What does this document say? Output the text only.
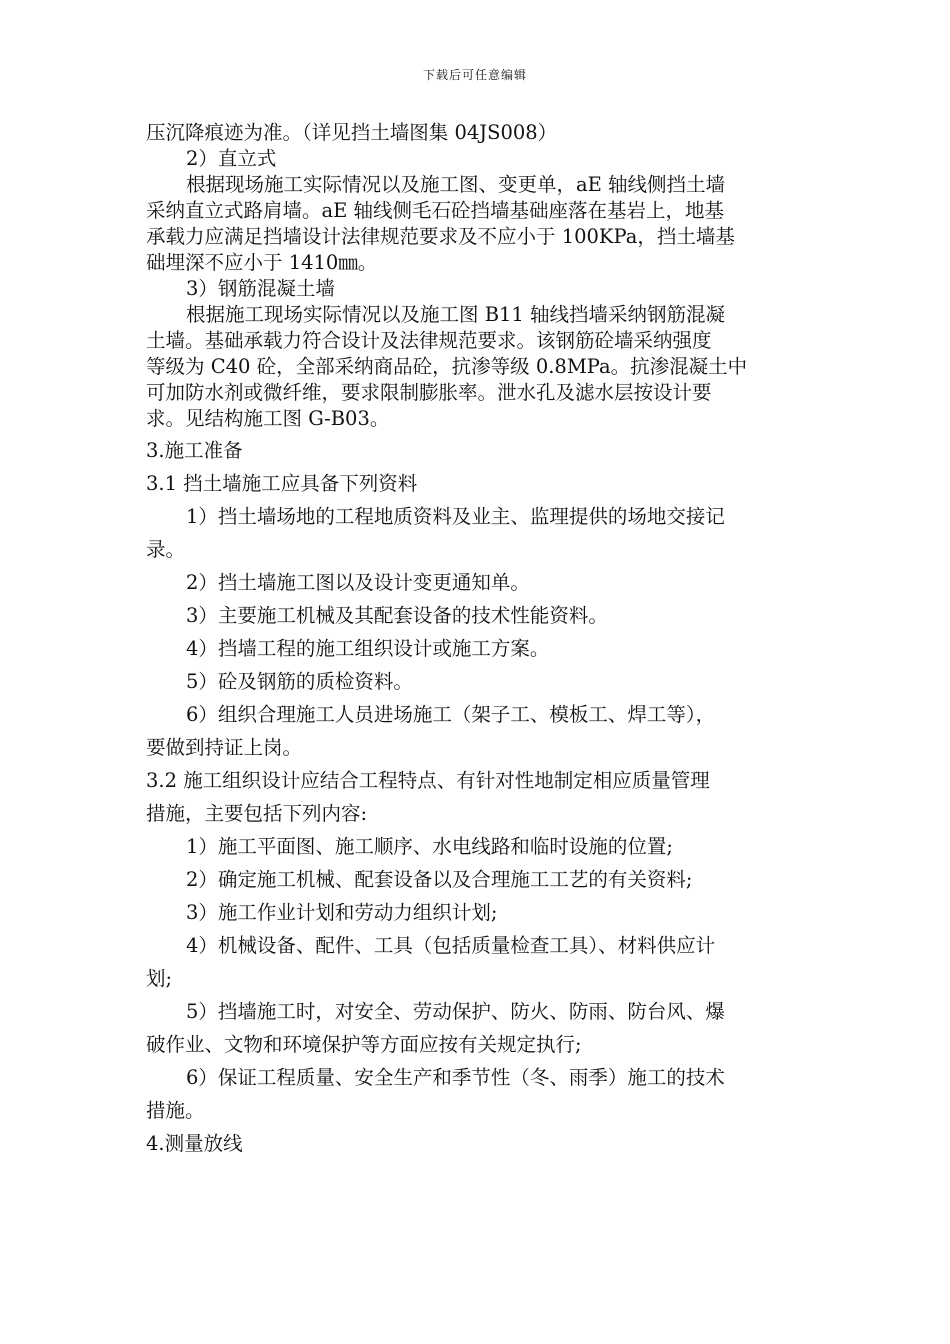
下载后可任意编辑

压沉降痕迹为准。（详见挡土墙图集 04JS008）

2）直立式

根据现场施工实际情况以及施工图、变更单，aE 轴线侧挡土墙

采纳直立式路肩墙。aE 轴线侧毛石砼挡墙基础座落在基岩上，地基

承载力应满足挡墙设计法律规范要求及不应小于 100KPa，挡土墙基

础埋深不应小于 1410㎜。

3）钢筋混凝土墙

根据施工现场实际情况以及施工图 B11 轴线挡墙采纳钢筋混凝

土墙。基础承载力符合设计及法律规范要求。该钢筋砼墙采纳强度

等级为 C40 砼，全部采纳商品砼，抗渗等级 0.8MPa。抗渗混凝土中

可加防水剂或微纤维，要求限制膨胀率。泄水孔及滤水层按设计要

求。见结构施工图 G-B03。

3.施工准备

3.1 挡土墙施工应具备下列资料

1）挡土墙场地的工程地质资料及业主、监理提供的场地交接记

录。

2）挡土墙施工图以及设计变更通知单。

3）主要施工机械及其配套设备的技术性能资料。

4）挡墙工程的施工组织设计或施工方案。

5）砼及钢筋的质检资料。

6）组织合理施工人员进场施工（架子工、模板工、焊工等），

要做到持证上岗。

3.2 施工组织设计应结合工程特点、有针对性地制定相应质量管理

措施，主要包括下列内容:

1）施工平面图、施工顺序、水电线路和临时设施的位置;

2）确定施工机械、配套设备以及合理施工工艺的有关资料;

3）施工作业计划和劳动力组织计划;

4）机械设备、配件、工具（包括质量检查工具）、材料供应计

划;

5）挡墙施工时，对安全、劳动保护、防火、防雨、防台风、爆

破作业、文物和环境保护等方面应按有关规定执行;

6）保证工程质量、安全生产和季节性（冬、雨季）施工的技术

措施。

4.测量放线
